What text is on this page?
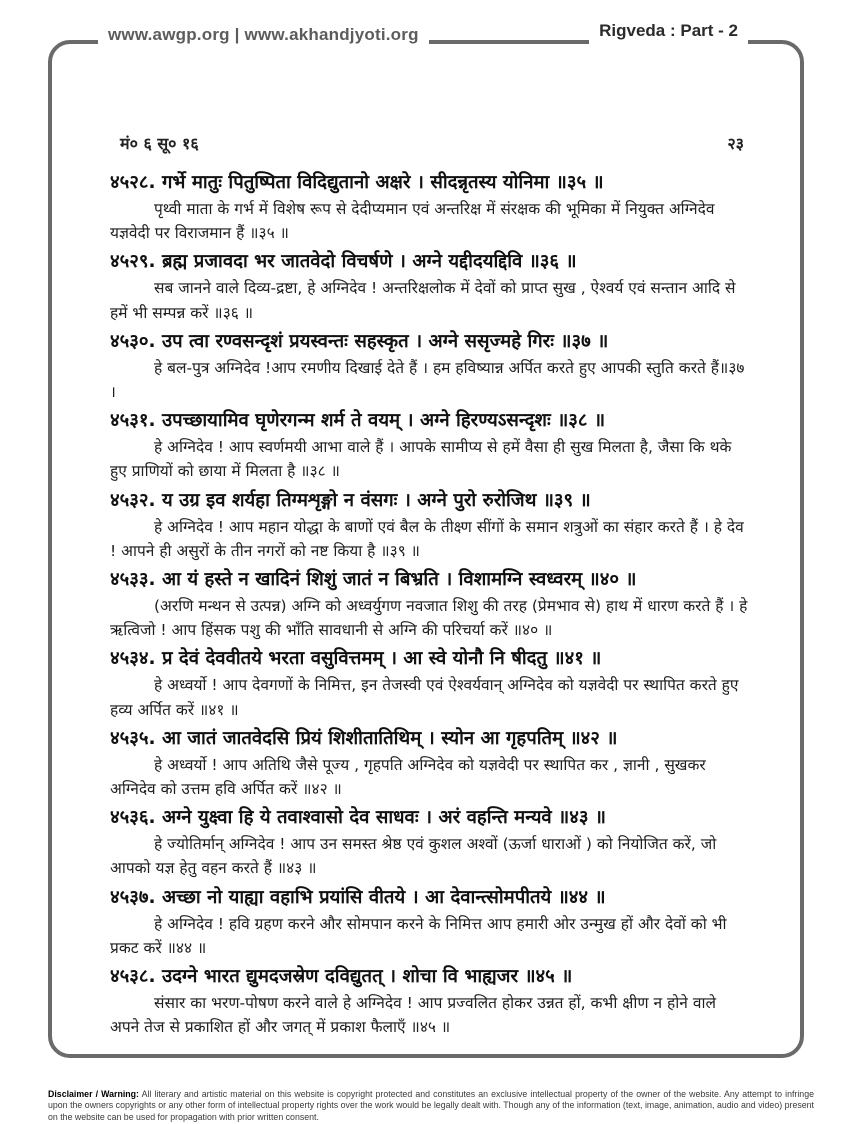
www.awgp.org | www.akhandjyoti.org	Rigveda : Part - 2
मं० ६ सू० १६	२३

४५२८. गर्भे मातुः पितुष्पिता विदिद्युतानो अक्षरे । सीदन्नृतस्य योनिमा ॥३५ ॥

पृथ्वी माता के गर्भ में विशेष रूप से देदीप्यमान एवं अन्तरिक्ष में संरक्षक की भूमिका में नियुक्त अग्निदेव यज्ञवेदी पर विराजमान हैं ॥३५ ॥

४५२९. ब्रह्म प्रजावदा भर जातवेदो विचर्षणे । अग्ने यद्दीदयद्दिवि ॥३६ ॥

सब जानने वाले दिव्य-द्रष्टा, हे अग्निदेव ! अन्तरिक्षलोक में देवों को प्राप्त सुख , ऐश्वर्य एवं सन्तान आदि से हमें भी सम्पन्न करें ॥३६ ॥

४५३०. उप त्वा रण्वसन्दृशं प्रयस्वन्तः सहस्कृत । अग्ने ससृज्महे गिरः ॥३७ ॥

हे बल-पुत्र अग्निदेव !आप रमणीय दिखाई देते हैं । हम हविष्यान्न अर्पित करते हुए आपकी स्तुति करते हैं॥३७ ।

४५३१. उपच्छायामिव घृणेरगन्म शर्म ते वयम् । अग्ने हिरण्यऽसन्दृशः ॥३८ ॥

हे अग्निदेव ! आप स्वर्णमयी आभा वाले हैं । आपके सामीप्य से हमें वैसा ही सुख मिलता है, जैसा कि थके हुए प्राणियों को छाया में मिलता है ॥३८ ॥

४५३२. य उग्र इव शर्यहा तिग्मशृङ्गो न वंसगः । अग्ने पुरो रुरोजिथ ॥३९ ॥

हे अग्निदेव ! आप महान योद्धा के बाणों एवं बैल के तीक्ष्ण सींगों के समान शत्रुओं का संहार करते हैं । हे देव ! आपने ही असुरों के तीन नगरों को नष्ट किया है ॥३९ ॥

४५३३. आ यं हस्ते न खादिनं शिशुं जातं न बिभ्रति । विशामग्नि स्वध्वरम् ॥४० ॥

(अरणि मन्थन से उत्पन्न) अग्नि को अध्वर्युगण नवजात शिशु की तरह (प्रेमभाव से) हाथ में धारण करते हैं । हे ऋत्विजो ! आप हिंसक पशु की भाँति सावधानी से अग्नि की परिचर्या करें ॥४० ॥

४५३४. प्र देवं देववीतये भरता वसुवित्तमम् । आ स्वे योनौ नि षीदतु ॥४१ ॥

हे अध्वर्यो ! आप देवगणों के निमित्त, इन तेजस्वी एवं ऐश्वर्यवान् अग्निदेव को यज्ञवेदी पर स्थापित करते हुए हव्य अर्पित करें ॥४१ ॥

४५३५. आ जातं जातवेदसि प्रियं शिशीतातिथिम् । स्योन आ गृहपतिम् ॥४२ ॥

हे अध्वर्यो ! आप अतिथि जैसे पूज्य , गृहपति अग्निदेव को यज्ञवेदी पर स्थापित कर , ज्ञानी , सुखकर अग्निदेव को उत्तम हवि अर्पित करें ॥४२ ॥

४५३६. अग्ने युक्ष्वा हि ये तवाश्वासो देव साधवः । अरं वहन्ति मन्यवे ॥४३ ॥

हे ज्योतिर्मान् अग्निदेव ! आप उन समस्त श्रेष्ठ एवं कुशल अश्वों (ऊर्जा धाराओं ) को नियोजित करें, जो आपको यज्ञ हेतु वहन करते हैं ॥४३ ॥

४५३७. अच्छा नो याह्या वहाभि प्रयांसि वीतये । आ देवान्त्सोमपीतये ॥४४ ॥

हे अग्निदेव ! हवि ग्रहण करने और सोमपान करने के निमित्त आप हमारी ओर उन्मुख हों और देवों को भी प्रकट करें ॥४४ ॥

४५३८. उदग्ने भारत द्युमदजस्रेण दविद्युतत् । शोचा वि भाह्यजर ॥४५ ॥

संसार का भरण-पोषण करने वाले हे अग्निदेव ! आप प्रज्वलित होकर उन्नत हों, कभी क्षीण न होने वाले अपने तेज से प्रकाशित हों और जगत् में प्रकाश फैलाएँ ॥४५ ॥

Disclaimer / Warning: All literary and artistic material on this website is copyright protected and constitutes an exclusive intellectual property of the owner of the website. Any attempt to infringe upon the owners copyrights or any other form of intellectual property rights over the work would be legally dealt with. Though any of the information (text, image, animation, audio and video) present on the website can be used for propagation with prior written consent.
